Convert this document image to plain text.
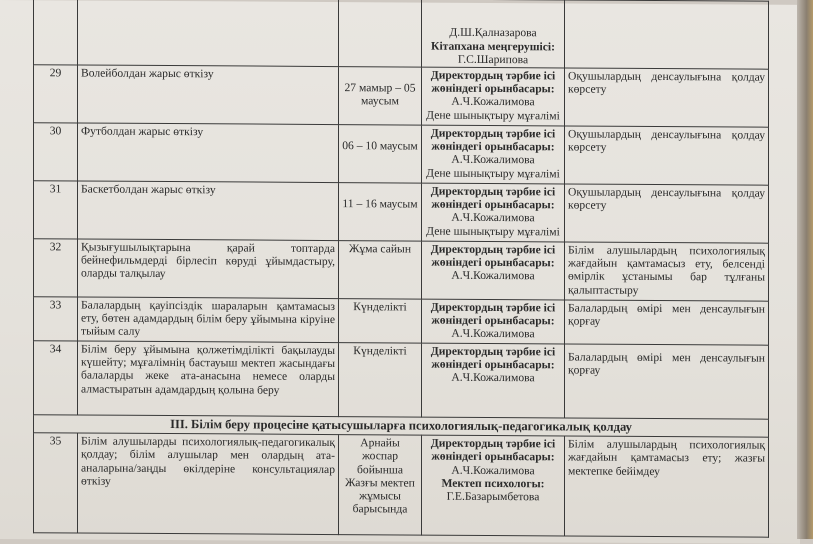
			Д.Ш.Қалназарова
Кітапхана меңгерушісі:
Г.С.Шарипова	

29	Волейболдан жарыс өткізу	27 мамыр – 05 маусым	Директордың тәрбие ісі жөніндегі орынбасары:
А.Ч.Кожалимова
Дене шынықтыру мұғалімі	Оқушылардың денсаулығына қолдау көрсету
30	Футболдан жарыс өткізу	06 – 10 маусым	Директордың тәрбие ісі жөніндегі орынбасары:
А.Ч.Кожалимова
Дене шынықтыру мұғалімі	Оқушылардың денсаулығына қолдау көрсету
31	Баскетболдан жарыс өткізу	11 – 16 маусым	Директордың тәрбие ісі жөніндегі орынбасары:
А.Ч.Кожалимова
Дене шынықтыру мұғалімі	Оқушылардың денсаулығына қолдау көрсету
32	Қызығушылықтарына қарай топтарда бейнефильмдерді бірлесіп көруді ұйымдастыру, оларды талқылау	Жұма сайын	Директордың тәрбие ісі жөніндегі орынбасары:
А.Ч.Кожалимова	Білім алушылардың психологиялық жағдайын қамтамасыз ету, белсенді өмірлік ұстанымы бар тұлғаны қалыптастыру
33	Балалардың қауіпсіздік шараларын қамтамасыз ету, бөтен адамдардың білім беру ұйымына кіруіне тыйым салу	Күнделікті	Директордың тәрбие ісі жөніндегі орынбасары:
А.Ч.Кожалимова	Балалардың өмірі мен денсаулығын қорғау
34	Білім беру ұйымына қолжетімділікті бақылауды күшейту; мұғалімнің бастауыш мектеп жасындағы балаларды жеке ата-анасына немесе оларды алмастыратын адамдардың қолына беру	Күнделікті	Директордың тәрбие ісі жөніндегі орынбасары:
А.Ч.Кожалимова	Балалардың өмірі мен денсаулығын қорғау
ІІІ. Білім беру процесіне қатысушыларға психологиялық-педагогикалық қолдау				
35	Білім алушыларды психологиялық-педагогикалық қолдау; білім алушылар мен олардың ата-аналарына/заңды өкілдеріне консультациялар өткізу	Арнайы жоспар бойынша Жазғы мектеп жұмысы барысында	Директордың тәрбие ісі жөніндегі орынбасары:
А.Ч.Кожалимова
Мектеп психологы:
Г.Е.Базарымбетова	Білім алушылардың психологиялық жағдайын қамтамасыз ету; жазғы мектепке бейімдеу
